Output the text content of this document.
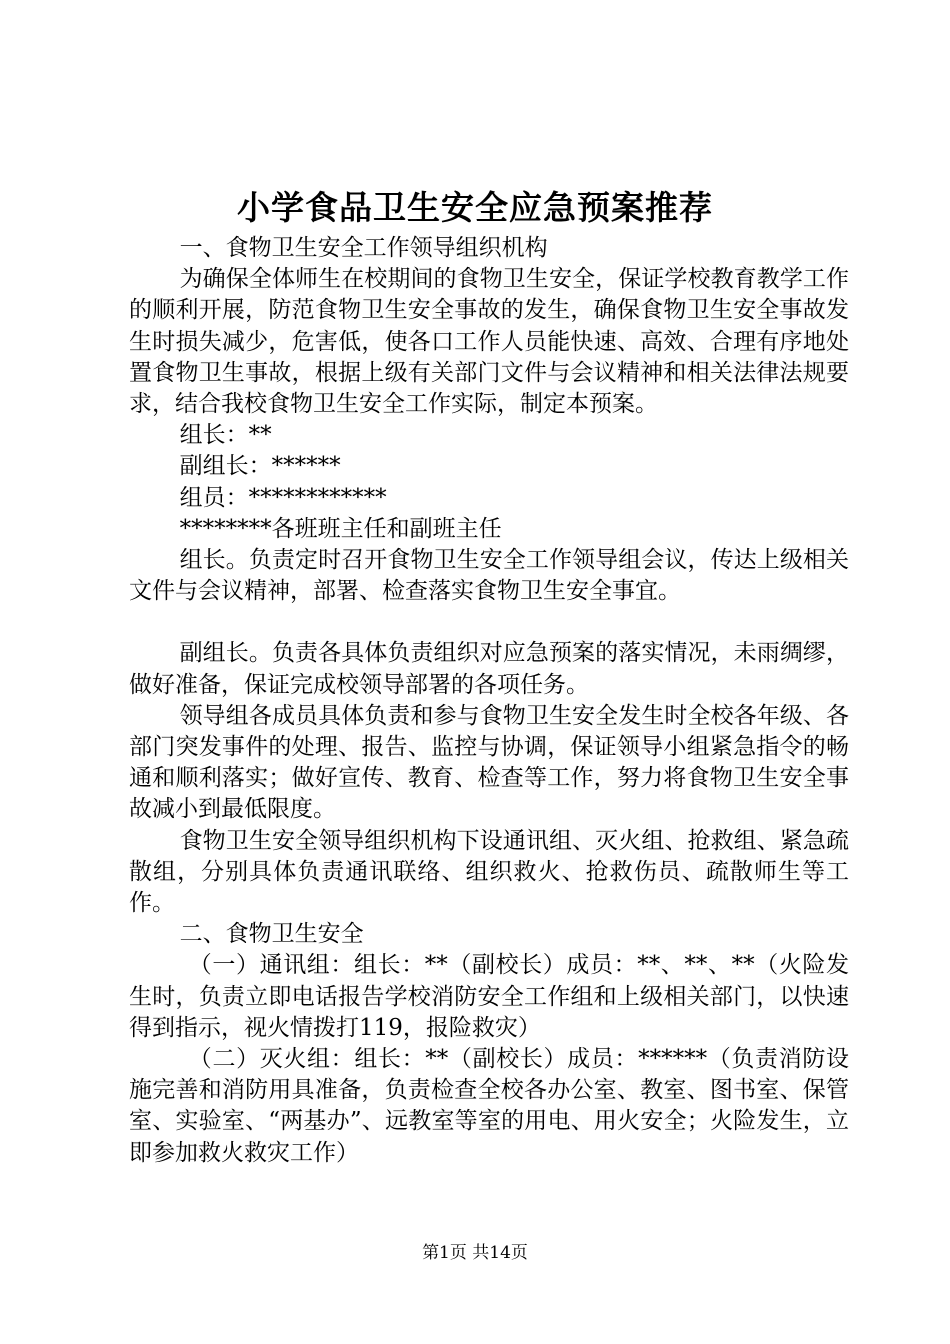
小学食品卫生安全应急预案推荐

一、食物卫生安全工作领导组织机构

为确保全体师生在校期间的食物卫生安全，保证学校教育教学工作的顺利开展，防范食物卫生安全事故的发生，确保食物卫生安全事故发生时损失减少，危害低，使各口工作人员能快速、高效、合理有序地处置食物卫生事故，根据上级有关部门文件与会议精神和相关法律法规要求，结合我校食物卫生安全工作实际，制定本预案。

组长：**

副组长：******

组员：************

********各班班主任和副班主任

组长。负责定时召开食物卫生安全工作领导组会议，传达上级相关文件与会议精神，部署、检查落实食物卫生安全事宜。

副组长。负责各具体负责组织对应急预案的落实情况，未雨绸缪，做好准备，保证完成校领导部署的各项任务。

领导组各成员具体负责和参与食物卫生安全发生时全校各年级、各部门突发事件的处理、报告、监控与协调，保证领导小组紧急指令的畅通和顺利落实；做好宣传、教育、检查等工作，努力将食物卫生安全事故减小到最低限度。

食物卫生安全领导组织机构下设通讯组、灭火组、抢救组、紧急疏散组，分别具体负责通讯联络、组织救火、抢救伤员、疏散师生等工作。

二、食物卫生安全

（一）通讯组：组长：**（副校长）成员：**、**、**（火险发生时，负责立即电话报告学校消防安全工作组和上级相关部门，以快速得到指示，视火情拨打119，报险救灾）

（二）灭火组：组长：**（副校长）成员：******（负责消防设施完善和消防用具准备，负责检查全校各办公室、教室、图书室、保管室、实验室、“两基办”、远教室等室的用电、用火安全；火险发生，立即参加救火救灾工作）

第1页 共14页
